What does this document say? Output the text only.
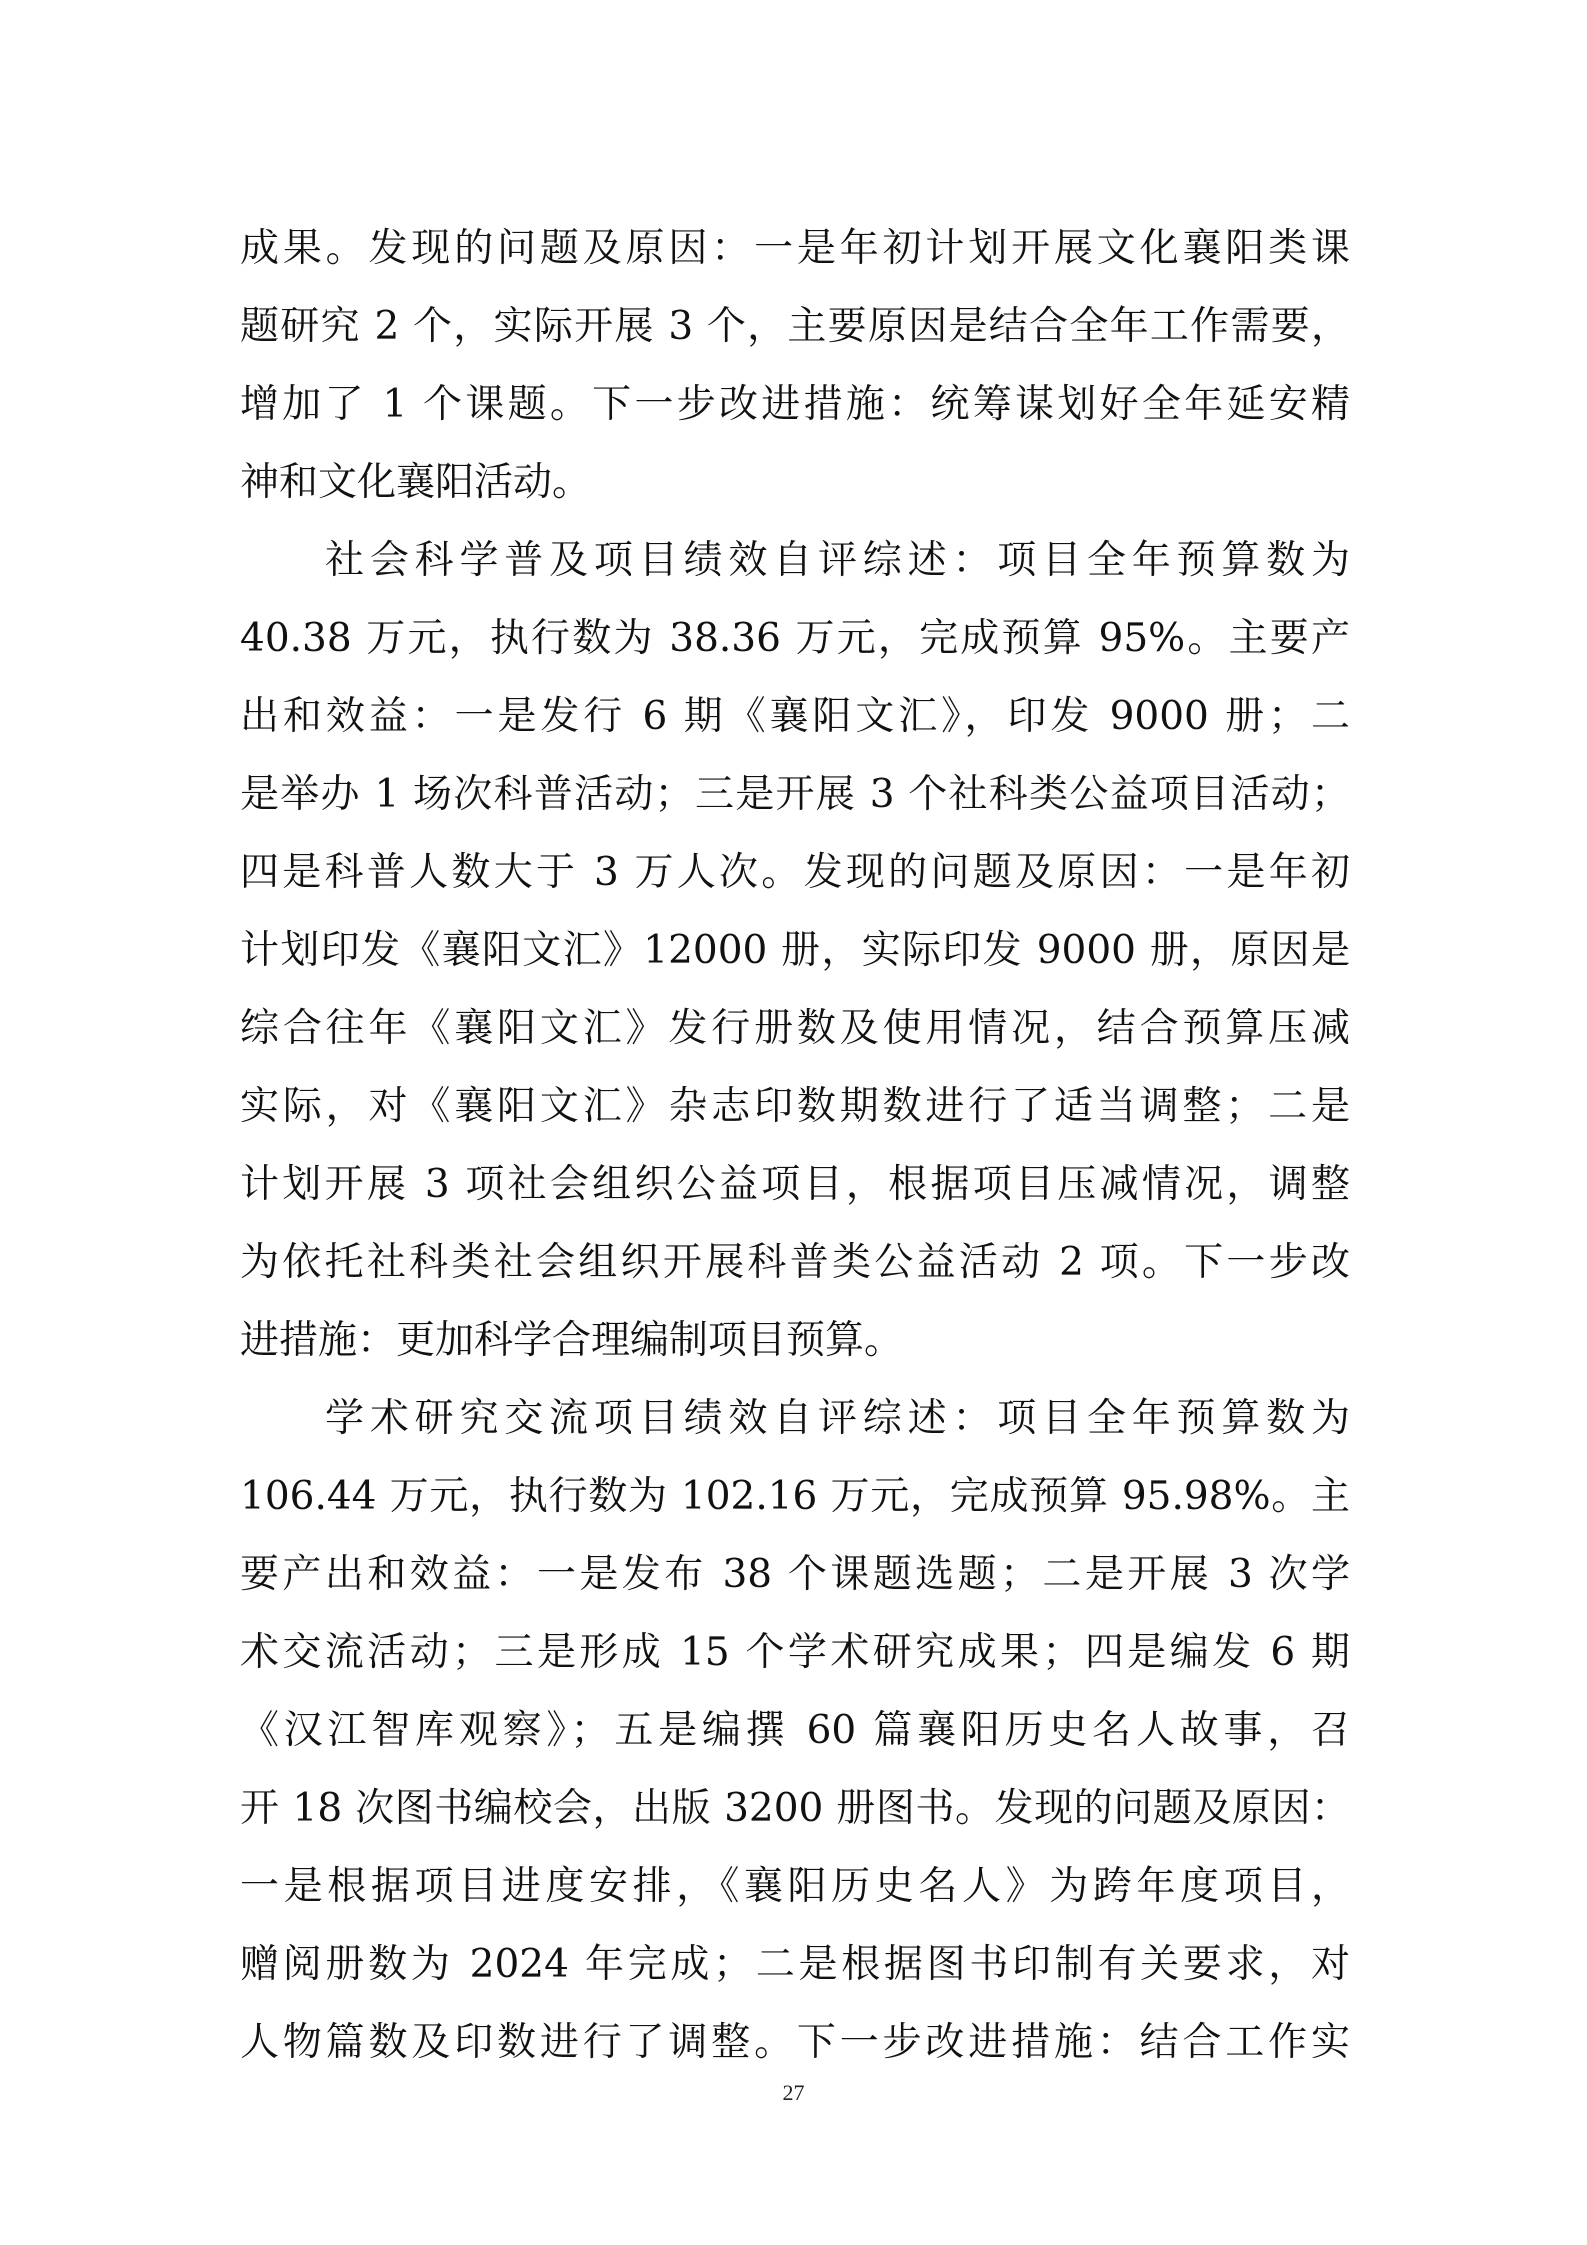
成果。发现的问题及原因：一是年初计划开展文化襄阳类课
题研究 2 个，实际开展 3 个，主要原因是结合全年工作需要，
增加了 1 个课题。下一步改进措施：统筹谋划好全年延安精
神和文化襄阳活动。
社会科学普及项目绩效自评综述：项目全年预算数为
40.38 万元，执行数为 38.36 万元，完成预算 95%。主要产
出和效益：一是发行 6 期《襄阳文汇》，印发 9000 册；二
是举办 1 场次科普活动；三是开展 3 个社科类公益项目活动；
四是科普人数大于 3 万人次。发现的问题及原因：一是年初
计划印发《襄阳文汇》12000 册，实际印发 9000 册，原因是
综合往年《襄阳文汇》发行册数及使用情况，结合预算压减
实际，对《襄阳文汇》杂志印数期数进行了适当调整；二是
计划开展 3 项社会组织公益项目，根据项目压减情况，调整
为依托社科类社会组织开展科普类公益活动 2 项。下一步改
进措施：更加科学合理编制项目预算。
学术研究交流项目绩效自评综述：项目全年预算数为
106.44 万元，执行数为 102.16 万元，完成预算 95.98%。主
要产出和效益：一是发布 38 个课题选题；二是开展 3 次学
术交流活动；三是形成 15 个学术研究成果；四是编发 6 期
《汉江智库观察》；五是编撰 60 篇襄阳历史名人故事，召
开 18 次图书编校会，出版 3200 册图书。发现的问题及原因：
一是根据项目进度安排，《襄阳历史名人》为跨年度项目，
赠阅册数为 2024 年完成；二是根据图书印制有关要求，对
人物篇数及印数进行了调整。下一步改进措施：结合工作实
27
